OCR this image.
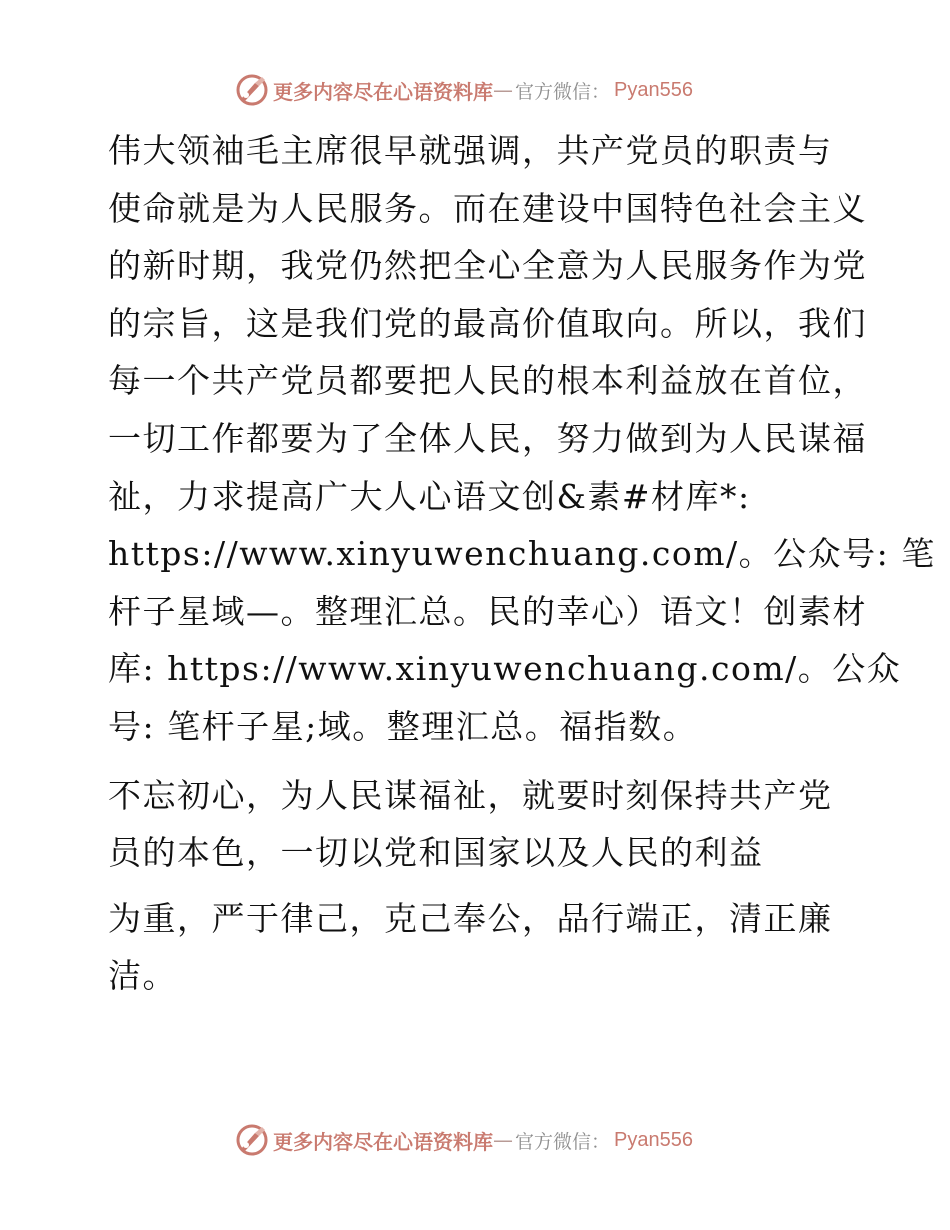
更多内容尽在心语资料库 — 官方微信： Pyan556

伟大领袖毛主席很早就强调，共产党员的职责与
使命就是为人民服务。而在建设中国特色社会主义
的新时期，我党仍然把全心全意为人民服务作为党
的宗旨，这是我们党的最高价值取向。所以，我们
每一个共产党员都要把人民的根本利益放在首位，
一切工作都要为了全体人民，努力做到为人民谋福
祉，力求提高广大人心语文创&素#材库*:
https://www.xinyuwenchuang.com/。公众号: 笔
杆子星域—。整理汇总。民的幸心）语文！创素材
库: https://www.xinyuwenchuang.com/。公众
号: 笔杆子星;域。整理汇总。福指数。

不忘初心，为人民谋福祉，就要时刻保持共产党
员的本色，一切以党和国家以及人民的利益

为重，严于律己，克己奉公，品行端正，清正廉
洁。

更多内容尽在心语资料库 — 官方微信： Pyan556
